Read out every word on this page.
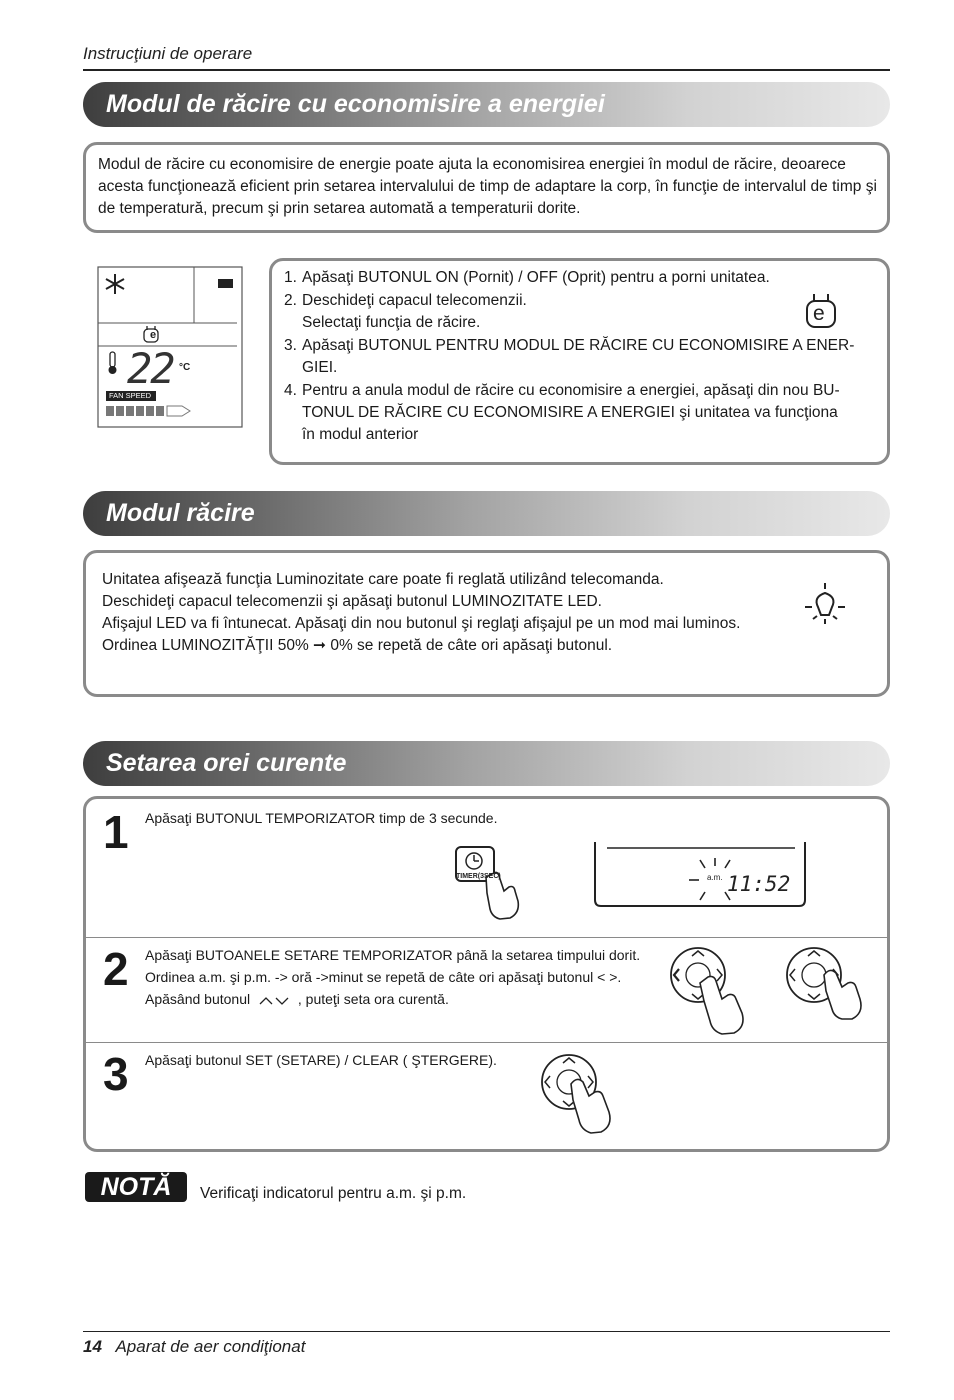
Instrucţiuni de operare
Modul de răcire cu economisire a energiei
Modul de răcire cu economisire de energie poate ajuta la economisirea energiei în modul de răcire, deoarece acesta funcţionează eficient prin setarea intervalului de timp de adaptare la corp, în funcţie de intervalul de timp şi de temperatură, precum şi prin setarea automată a temperaturii dorite.
e
22 °C
FAN SPEED
1. Apăsaţi BUTONUL ON (Pornit) / OFF (Oprit) pentru a porni unitatea.
2. Deschideţi capacul telecomenzii.
Selectaţi funcţia de răcire.
3. Apăsaţi BUTONUL PENTRU MODUL DE RĂCIRE CU ECONOMISIRE A ENER-
GIEI.
4. Pentru a anula modul de răcire cu economisire a energiei, apăsaţi din nou BU-
TONUL DE RĂCIRE CU ECONOMISIRE A ENERGIEI şi unitatea va funcţiona
în modul anterior
e
Modul răcire
Unitatea afişează funcţia Luminozitate care poate fi reglată utilizând telecomanda.
Deschideţi capacul telecomenzii şi apăsaţi butonul LUMINOZITATE LED.
Afişajul LED va fi întunecat. Apăsaţi din nou butonul şi reglaţi afişajul pe un mod mai luminos.
Ordinea LUMINOZITĂŢII 50% ➞ 0% se repetă de câte ori apăsaţi butonul.
Setarea orei curente
1 Apăsaţi BUTONUL TEMPORIZATOR timp de 3 secunde.
TIMER(3SEC)	a.m. 11:52
2 Apăsaţi BUTOANELE SETARE TEMPORIZATOR până la setarea timpului dorit.
Ordinea a.m. şi p.m. -> oră ->minut se repetă de câte ori apăsaţi butonul < >.
Apăsând butonul	, puteţi seta ora curentă.
3 Apăsaţi butonul SET (SETARE) / CLEAR ( ŞTERGERE).
NOTĂ	Verificaţi indicatorul pentru a.m. şi p.m.
14 Aparat de aer condiţionat
